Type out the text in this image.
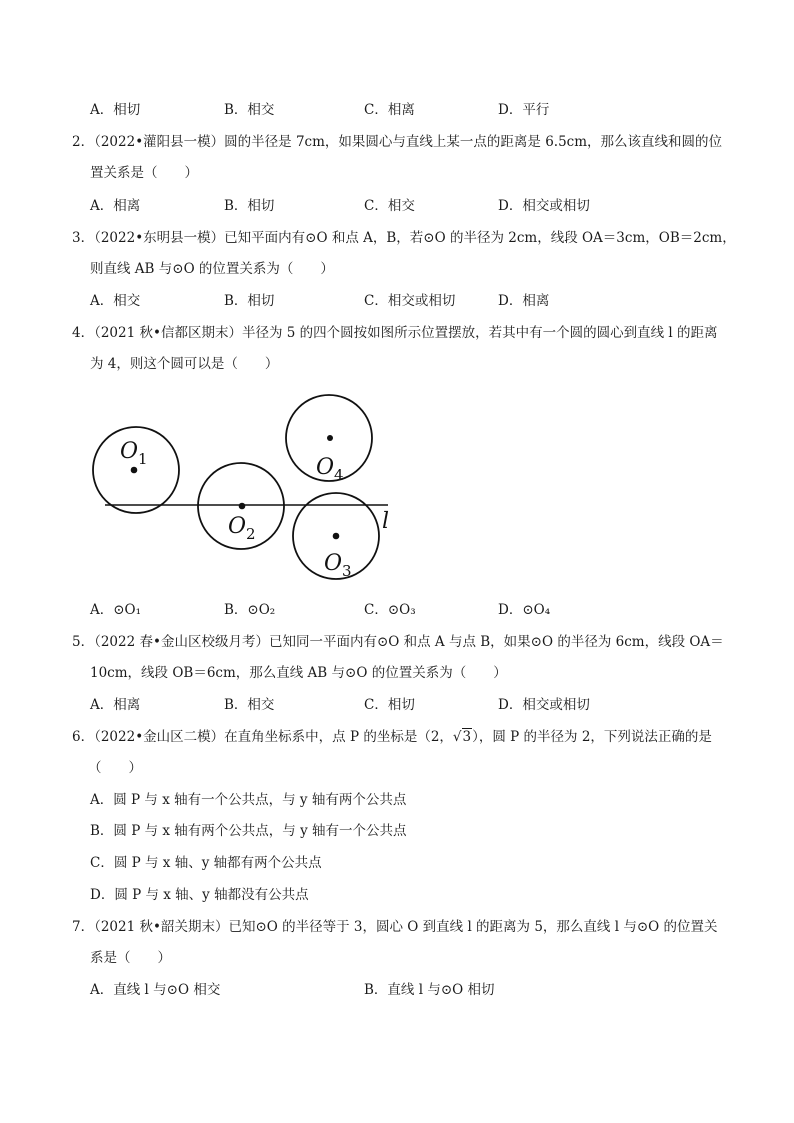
A．相切	B．相交	C．相离	D．平行
2．（2022•灌阳县一模）圆的半径是 7cm，如果圆心与直线上某一点的距离是 6.5cm，那么该直线和圆的位
置关系是（　　）
A．相离	B．相切	C．相交	D．相交或相切
3．（2022•东明县一模）已知平面内有⊙O 和点 A，B，若⊙O 的半径为 2cm，线段 OA＝3cm，OB＝2cm，
则直线 AB 与⊙O 的位置关系为（　　）
A．相交	B．相切	C．相交或相切	D．相离
4．（2021 秋•信都区期末）半径为 5 的四个圆按如图所示位置摆放，若其中有一个圆的圆心到直线 l 的距离
为 4，则这个圆可以是（　　）
$O_1$
$O_2$
$O_3$
$O_4$
l
A．⊙O₁	B．⊙O₂	C．⊙O₃	D．⊙O₄
5．（2022 春•金山区校级月考）已知同一平面内有⊙O 和点 A 与点 B，如果⊙O 的半径为 6cm，线段 OA＝
10cm，线段 OB＝6cm，那么直线 AB 与⊙O 的位置关系为（　　）
A．相离	B．相交	C．相切	D．相交或相切
6．（2022•金山区二模）在直角坐标系中，点 P 的坐标是（2，√3），圆 P 的半径为 2，下列说法正确的是
（　　）
A．圆 P 与 x 轴有一个公共点，与 y 轴有两个公共点
B．圆 P 与 x 轴有两个公共点，与 y 轴有一个公共点
C．圆 P 与 x 轴、y 轴都有两个公共点
D．圆 P 与 x 轴、y 轴都没有公共点
7．（2021 秋•韶关期末）已知⊙O 的半径等于 3，圆心 O 到直线 l 的距离为 5，那么直线 l 与⊙O 的位置关
系是（　　）
A．直线 l 与⊙O 相交	B．直线 l 与⊙O 相切
